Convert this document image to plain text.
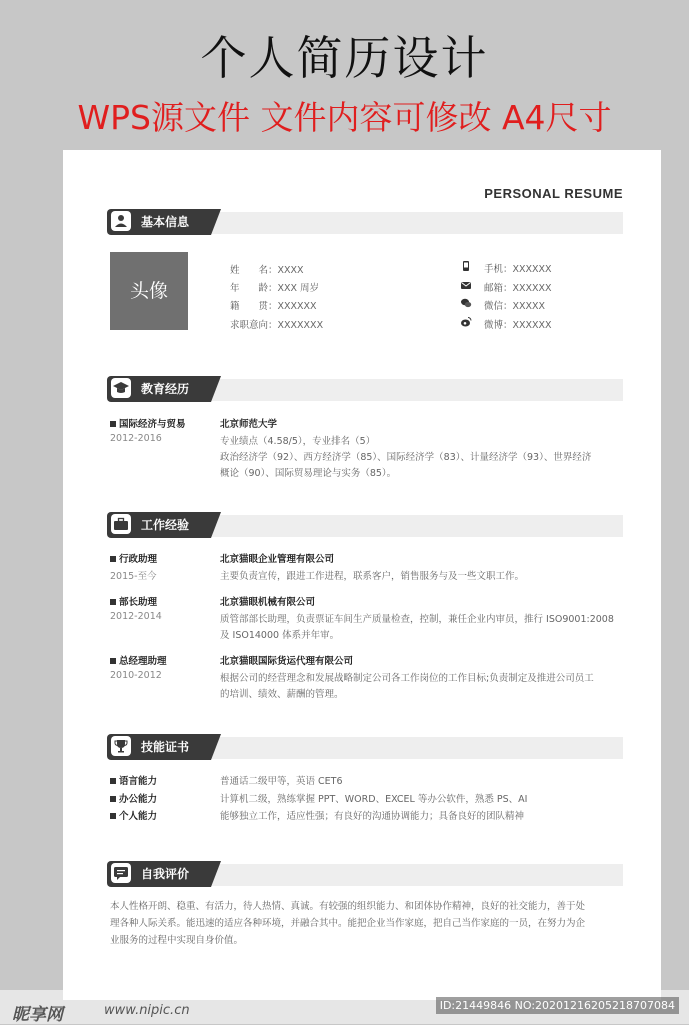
个人简历设计
WPS源文件 文件内容可修改 A4尺寸
PERSONAL RESUME
基本信息
头像
姓　　名：XXXX
年　　龄：XXX 周岁
籍　　贯：XXXXXX
求职意向：XXXXXXX
手机：XXXXXX
邮箱：XXXXXX
微信：XXXXX
微博：XXXXXX
教育经历
国际经济与贸易
2012-2016
北京师范大学
专业绩点（4.58/5），专业排名（5）
政治经济学（92）、西方经济学（85）、国际经济学（83）、计量经济学（93）、世界经济
概论（90）、国际贸易理论与实务（85）。
工作经验
行政助理
2015-至今
北京猫眼企业管理有限公司
主要负责宣传，跟进工作进程，联系客户，销售服务与及一些文职工作。
部长助理
2012-2014
北京猫眼机械有限公司
质管部部长助理，负责票证车间生产质量检查，控制，兼任企业内审员，推行 ISO9001:2008
及 ISO14000 体系并年审。
总经理助理
2010-2012
北京猫眼国际货运代理有限公司
根据公司的经营理念和发展战略制定公司各工作岗位的工作目标;负责制定及推进公司员工
的培训、绩效、薪酬的管理。
技能证书
语言能力	普通话二级甲等，英语 CET6
办公能力	计算机二级，熟练掌握 PPT、WORD、EXCEL 等办公软件，熟悉 PS、AI
个人能力	能够独立工作，适应性强；有良好的沟通协调能力；具备良好的团队精神
自我评价
本人性格开朗、稳重、有活力，待人热情、真诚。有较强的组织能力、和团体协作精神，良好的社交能力，善于处
理各种人际关系。能迅速的适应各种环境，并融合其中。能把企业当作家庭，把自己当作家庭的一员，在努力为企
业服务的过程中实现自身价值。
昵享网	www.nipic.cn	ID:21449846 NO:20201216205218707084
